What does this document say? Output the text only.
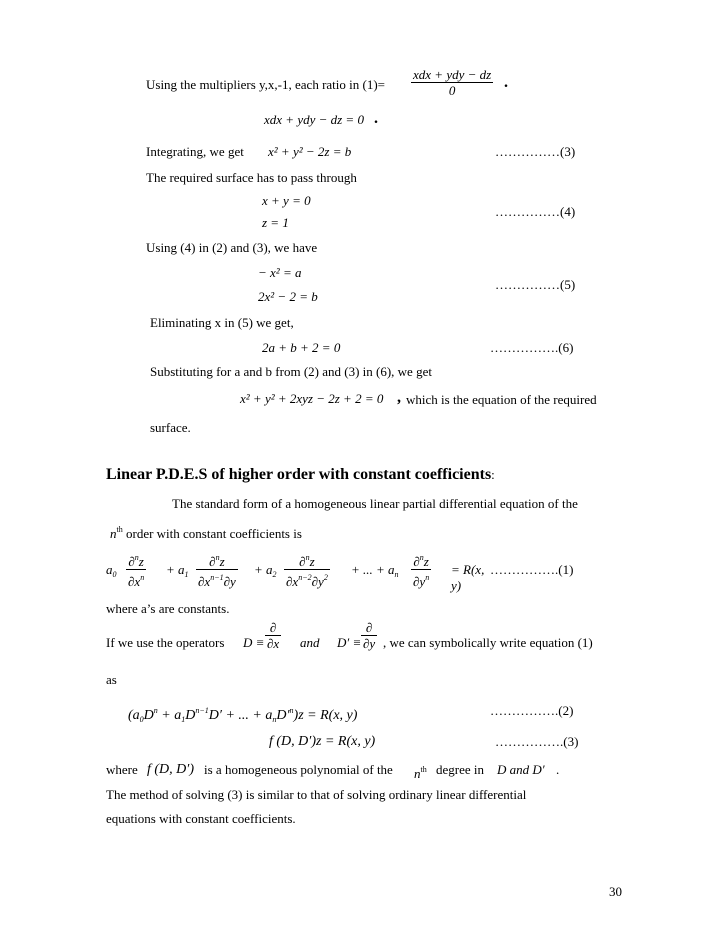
Using the multipliers y,x,-1, each ratio in (1)=
xdx + ydy − dz
0	.
xdx + ydy − dz = 0 .
Integrating, we get x² + y² − 2z = b	……………(3)
The required surface has to pass through
x + y = 0
z = 1
……………(4)
Using (4) in (2) and (3), we have
− x² = a
2x² − 2 = b
……………(5)
Eliminating x in (5) we get,
2a + b + 2 = 0	…………….(6)
Substituting for a and b from (2) and (3) in (6), we get
x² + y² + 2xyz − 2z + 2 = 0 , which is the equation of the required
surface.
Linear P.D.E.S of higher order with constant coefficients:
The standard form of a homogeneous linear partial differential equation of the
$n^{th}$ order with constant coefficients is
$a_0 \frac{\partial^nz}{\partial x^n} + a_1 \frac{\partial^nz}{\partial x^{n-1}\partial y} + a_2 \frac{\partial^nz}{\partial x^{n-2}\partial y^2}$ + ... + $a_n \frac{\partial^nz}{\partial y^n} = R(x$, y)
…………….(1)
where a’s are constants.
If we use the operators D ≡
∂
∂x and D′ ≡
∂
∂y , we can symbolically write equation (1)
as
($a_0D^n + a_1D^{n-1}D'$ + ... + $a_nD'^n)z = R(x$, y)	…………….(2)
f (D, D′)z = R(x, y)	…………….(3)
where f (D, D′) is a homogeneous polynomial of the $n^{th}$ degree in D and D′ .
The method of solving (3) is similar to that of solving ordinary linear differential
equations with constant coefficients.
30
